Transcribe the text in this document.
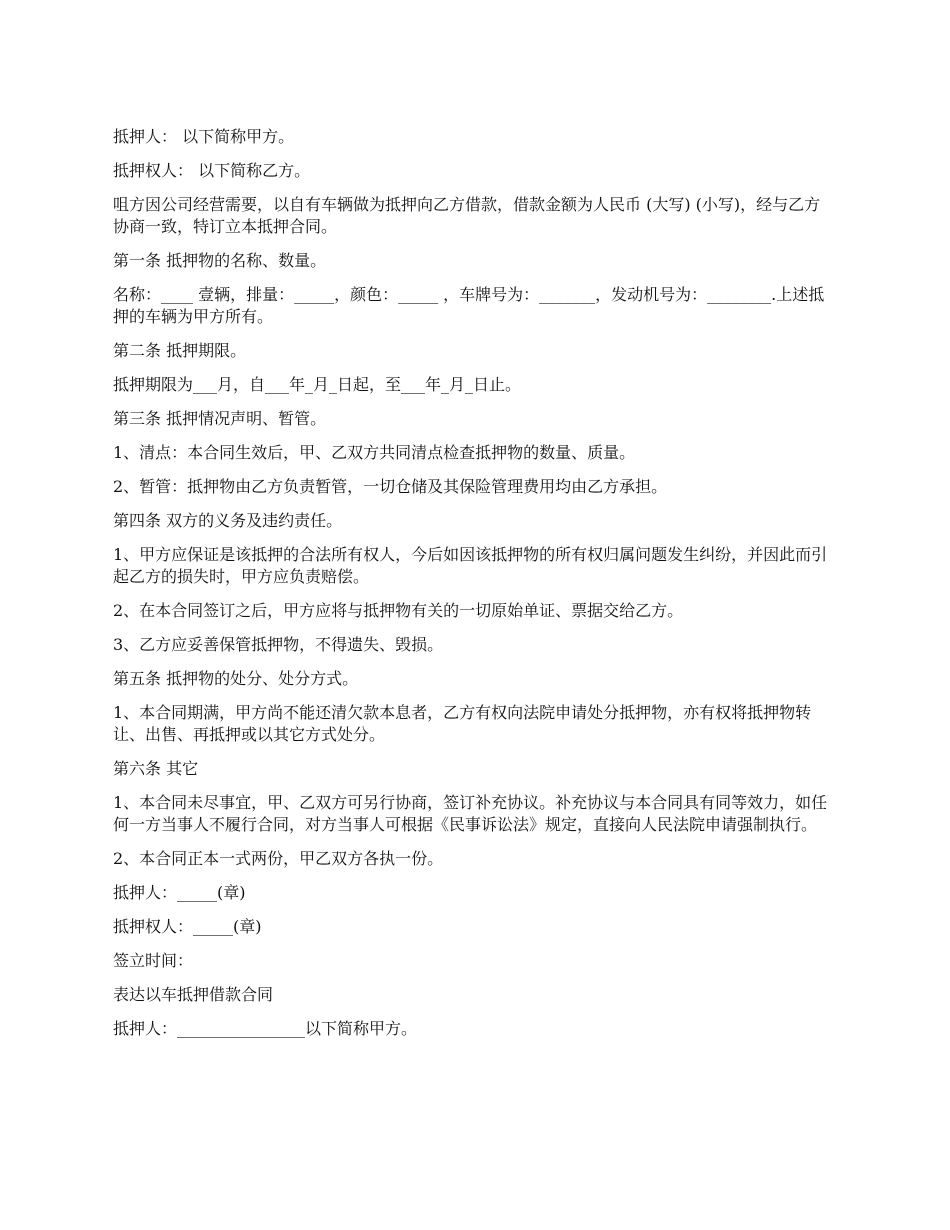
抵押人： 以下简称甲方。

抵押权人： 以下简称乙方。

咀方因公司经营需要，以自有车辆做为抵押向乙方借款，借款金额为人民币 (大写) (小写)，经与乙方协商一致，特订立本抵押合同。

第一条 抵押物的名称、数量。

名称：____ 壹辆，排量：_____，颜色：_____ ，车牌号为：_______，发动机号为：________.上述抵押的车辆为甲方所有。

第二条 抵押期限。

抵押期限为___月，自___年_月_日起，至___年_月_日止。

第三条 抵押情况声明、暂管。

1、清点：本合同生效后，甲、乙双方共同清点检查抵押物的数量、质量。

2、暂管：抵押物由乙方负责暂管，一切仓储及其保险管理费用均由乙方承担。

第四条 双方的义务及违约责任。

1、甲方应保证是该抵押的合法所有权人，今后如因该抵押物的所有权归属问题发生纠纷，并因此而引起乙方的损失时，甲方应负责赔偿。

2、在本合同签订之后，甲方应将与抵押物有关的一切原始单证、票据交给乙方。

3、乙方应妥善保管抵押物，不得遗失、毁损。

第五条 抵押物的处分、处分方式。

1、本合同期满，甲方尚不能还清欠款本息者，乙方有权向法院申请处分抵押物，亦有权将抵押物转让、出售、再抵押或以其它方式处分。

第六条 其它

1、本合同未尽事宜，甲、乙双方可另行协商，签订补充协议。补充协议与本合同具有同等效力，如任何一方当事人不履行合同，对方当事人可根据《民事诉讼法》规定，直接向人民法院申请强制执行。

2、本合同正本一式两份，甲乙双方各执一份。

抵押人：_____(章)

抵押权人：_____(章)

签立时间：

表达以车抵押借款合同

抵押人：________________以下简称甲方。
